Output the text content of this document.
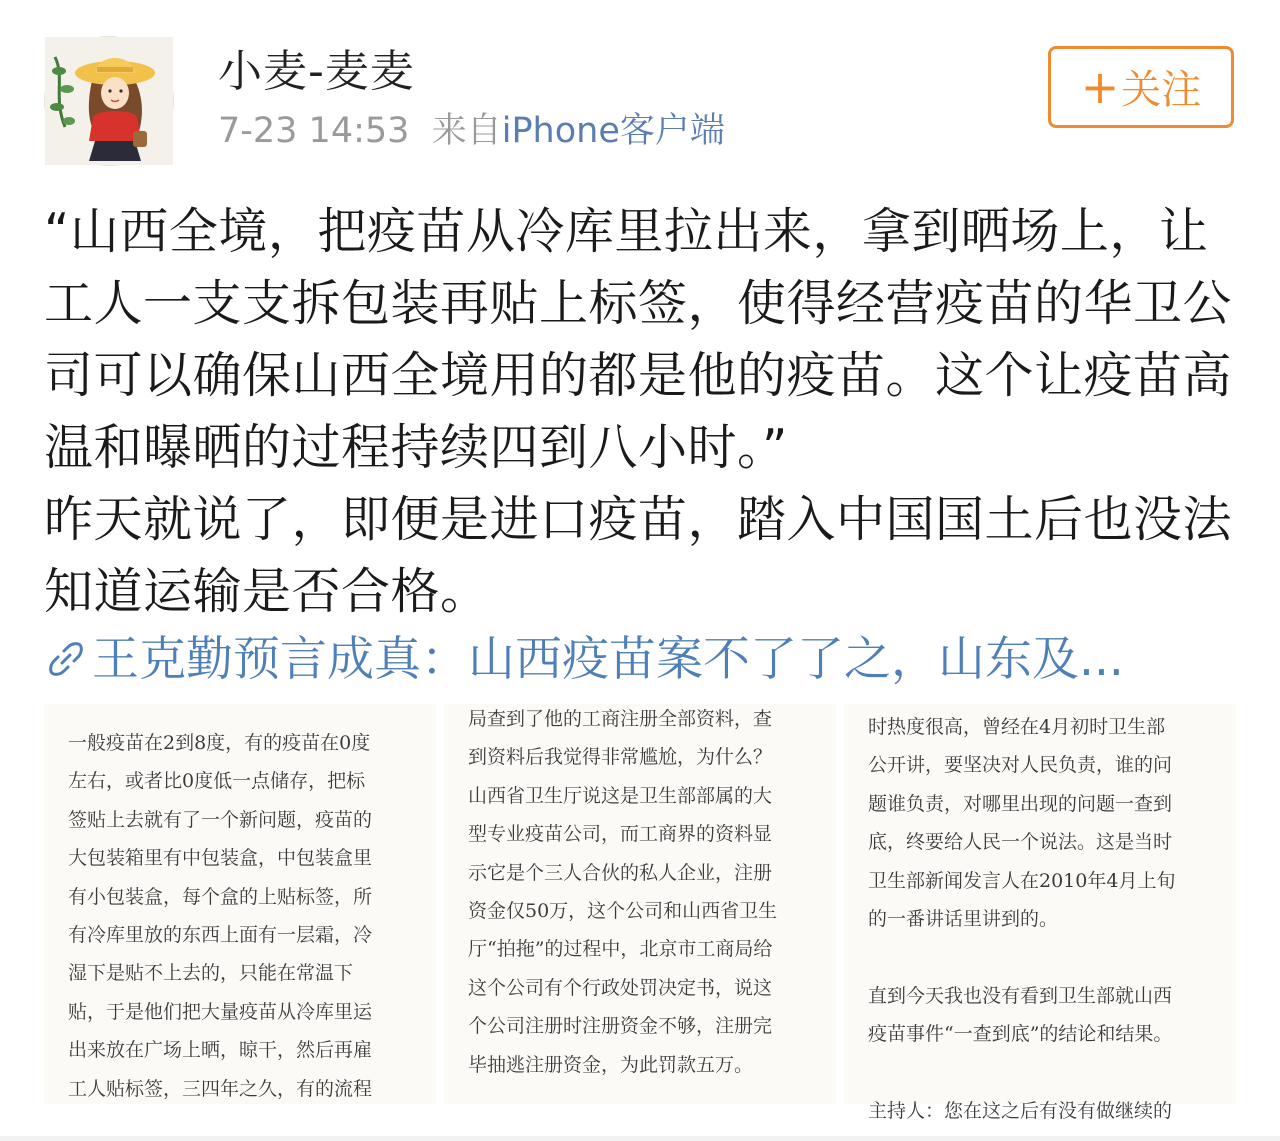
小麦-麦麦
7-23 14:53 来自iPhone客户端
+关注

“山西全境，把疫苗从冷库里拉出来，拿到晒场上，让工人一支支拆包装再贴上标签，使得经营疫苗的华卫公司可以确保山西全境用的都是他的疫苗。这个让疫苗高温和曝晒的过程持续四到八小时。”

昨天就说了，即便是进口疫苗，踏入中国国土后也没法知道运输是否合格。

王克勤预言成真：山西疫苗案不了了之，山东及...
一般疫苗在2到8度，有的疫苗在0度
左右，或者比0度低一点储存，把标
签贴上去就有了一个新问题，疫苗的
大包装箱里有中包装盒，中包装盒里
有小包装盒，每个盒的上贴标签，所
有冷库里放的东西上面有一层霜，冷
湿下是贴不上去的，只能在常温下
贴，于是他们把大量疫苗从冷库里运
出来放在广场上晒，晾干，然后再雇
工人贴标签，三四年之久，有的流程
局查到了他的工商注册全部资料，查
到资料后我觉得非常尴尬，为什么？
山西省卫生厅说这是卫生部部属的大
型专业疫苗公司，而工商界的资料显
示它是个三人合伙的私人企业，注册
资金仅50万，这个公司和山西省卫生
厅“拍拖”的过程中，北京市工商局给
这个公司有个行政处罚决定书，说这
个公司注册时注册资金不够，注册完
毕抽逃注册资金，为此罚款五万。
时热度很高，曾经在4月初时卫生部
公开讲，要坚决对人民负责，谁的问
题谁负责，对哪里出现的问题一查到
底，终要给人民一个说法。这是当时
卫生部新闻发言人在2010年4月上旬
的一番讲话里讲到的。
直到今天我也没有看到卫生部就山西
疫苗事件“一查到底”的结论和结果。
主持人：您在这之后有没有做继续的
